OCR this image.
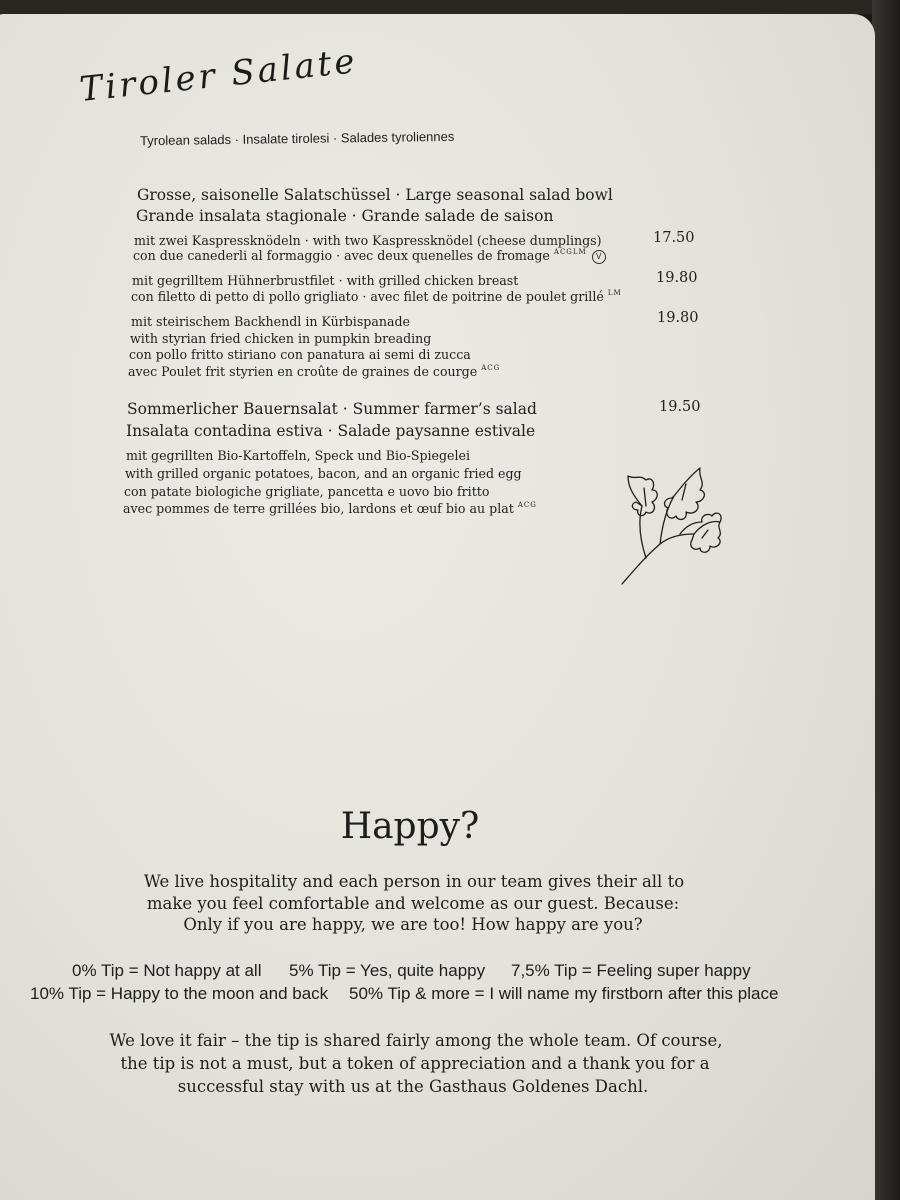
Tiroler Salate
Tyrolean salads · Insalate tirolesi · Salades tyroliennes
Grosse, saisonelle Salatschüssel · Large seasonal salad bowl
Grande insalata stagionale · Grande salade de saison
mit zwei Kaspressknödeln · with two Kaspressknödel (cheese dumplings)
con due canederli al formaggio · avec deux quenelles de fromage $^{ACGLM}$ V
17.50
mit gegrilltem Hühnerbrustfilet · with grilled chicken breast
con filetto di petto di pollo grigliato · avec filet de poitrine de poulet grillé $^{LM}$
19.80
mit steirischem Backhendl in Kürbispanade
with styrian fried chicken in pumpkin breading
con pollo fritto stiriano con panatura ai semi di zucca
avec Poulet frit styrien en croûte de graines de courge $^{ACG}$
19.80
Sommerlicher Bauernsalat · Summer farmer’s salad
Insalata contadina estiva · Salade paysanne estivale
19.50
mit gegrillten Bio-Kartoffeln, Speck und Bio-Spiegelei
with grilled organic potatoes, bacon, and an organic fried egg
con patate biologiche grigliate, pancetta e uovo bio fritto
avec pommes de terre grillées bio, lardons et œuf bio au plat $^{ACG}$
Happy?
We live hospitality and each person in our team gives their all to
make you feel comfortable and welcome as our guest. Because:
Only if you are happy, we are too! How happy are you?
0% Tip = Not happy at all 5% Tip = Yes, quite happy 7,5% Tip = Feeling super happy
10% Tip = Happy to the moon and back 50% Tip & more = I will name my firstborn after this place
We love it fair – the tip is shared fairly among the whole team. Of course,
the tip is not a must, but a token of appreciation and a thank you for a
successful stay with us at the Gasthaus Goldenes Dachl.
